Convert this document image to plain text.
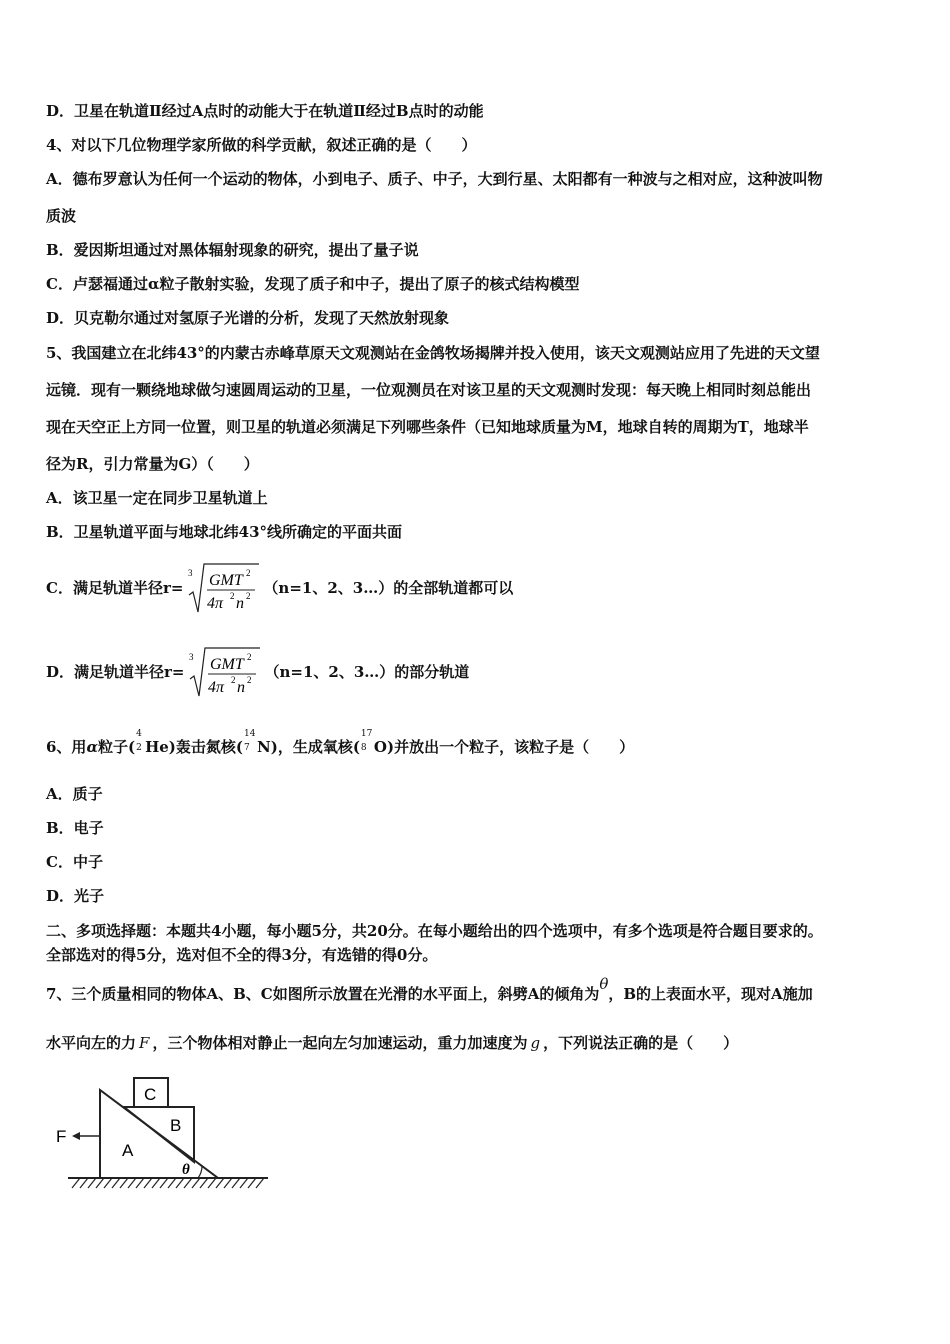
D．卫星在轨道Ⅱ经过A点时的动能大于在轨道Ⅱ经过B点时的动能
4、对以下几位物理学家所做的科学贡献，叙述正确的是（　　）
A．德布罗意认为任何一个运动的物体，小到电子、质子、中子，大到行星、太阳都有一种波与之相对应，这种波叫物
质波
B．爱因斯坦通过对黑体辐射现象的研究，提出了量子说
C．卢瑟福通过α粒子散射实验，发现了质子和中子，提出了原子的核式结构模型
D．贝克勒尔通过对氢原子光谱的分析，发现了天然放射现象
5、我国建立在北纬43°的内蒙古赤峰草原天文观测站在金鸽牧场揭牌并投入使用，该天文观测站应用了先进的天文望
远镜．现有一颗绕地球做匀速圆周运动的卫星，一位观测员在对该卫星的天文观测时发现：每天晚上相同时刻总能出
现在天空正上方同一位置，则卫星的轨道必须满足下列哪些条件（已知地球质量为M，地球自转的周期为T，地球半
径为R，引力常量为G）（　　）
A．该卫星一定在同步卫星轨道上
B．卫星轨道平面与地球北纬43°线所确定的平面共面
C．满足轨道半径r=
3 GMT 2
4π 2 n 2 （n=1、2、3…）的全部轨道都可以
D．满足轨道半径r=
3 GMT 2
4π 2 n 2 （n=1、2、3…）的部分轨道
6、用α粒子(
4
2 He)轰击氮核(
14
7 N)，生成氧核(
17
8 O)并放出一个粒子，该粒子是（　　）
A．质子
B．电子
C．中子
D．光子
二、多项选择题：本题共4小题，每小题5分，共20分。在每小题给出的四个选项中，有多个选项是符合题目要求的。
全部选对的得5分，选对但不全的得3分，有选错的得0分。
7、三个质量相同的物体A、B、C如图所示放置在光滑的水平面上，斜劈A的倾角为θ，B的上表面水平，现对A施加
水平向左的力 F ，三个物体相对静止一起向左匀加速运动，重力加速度为 g ，下列说法正确的是（　　）
C
B
A
F
θ
